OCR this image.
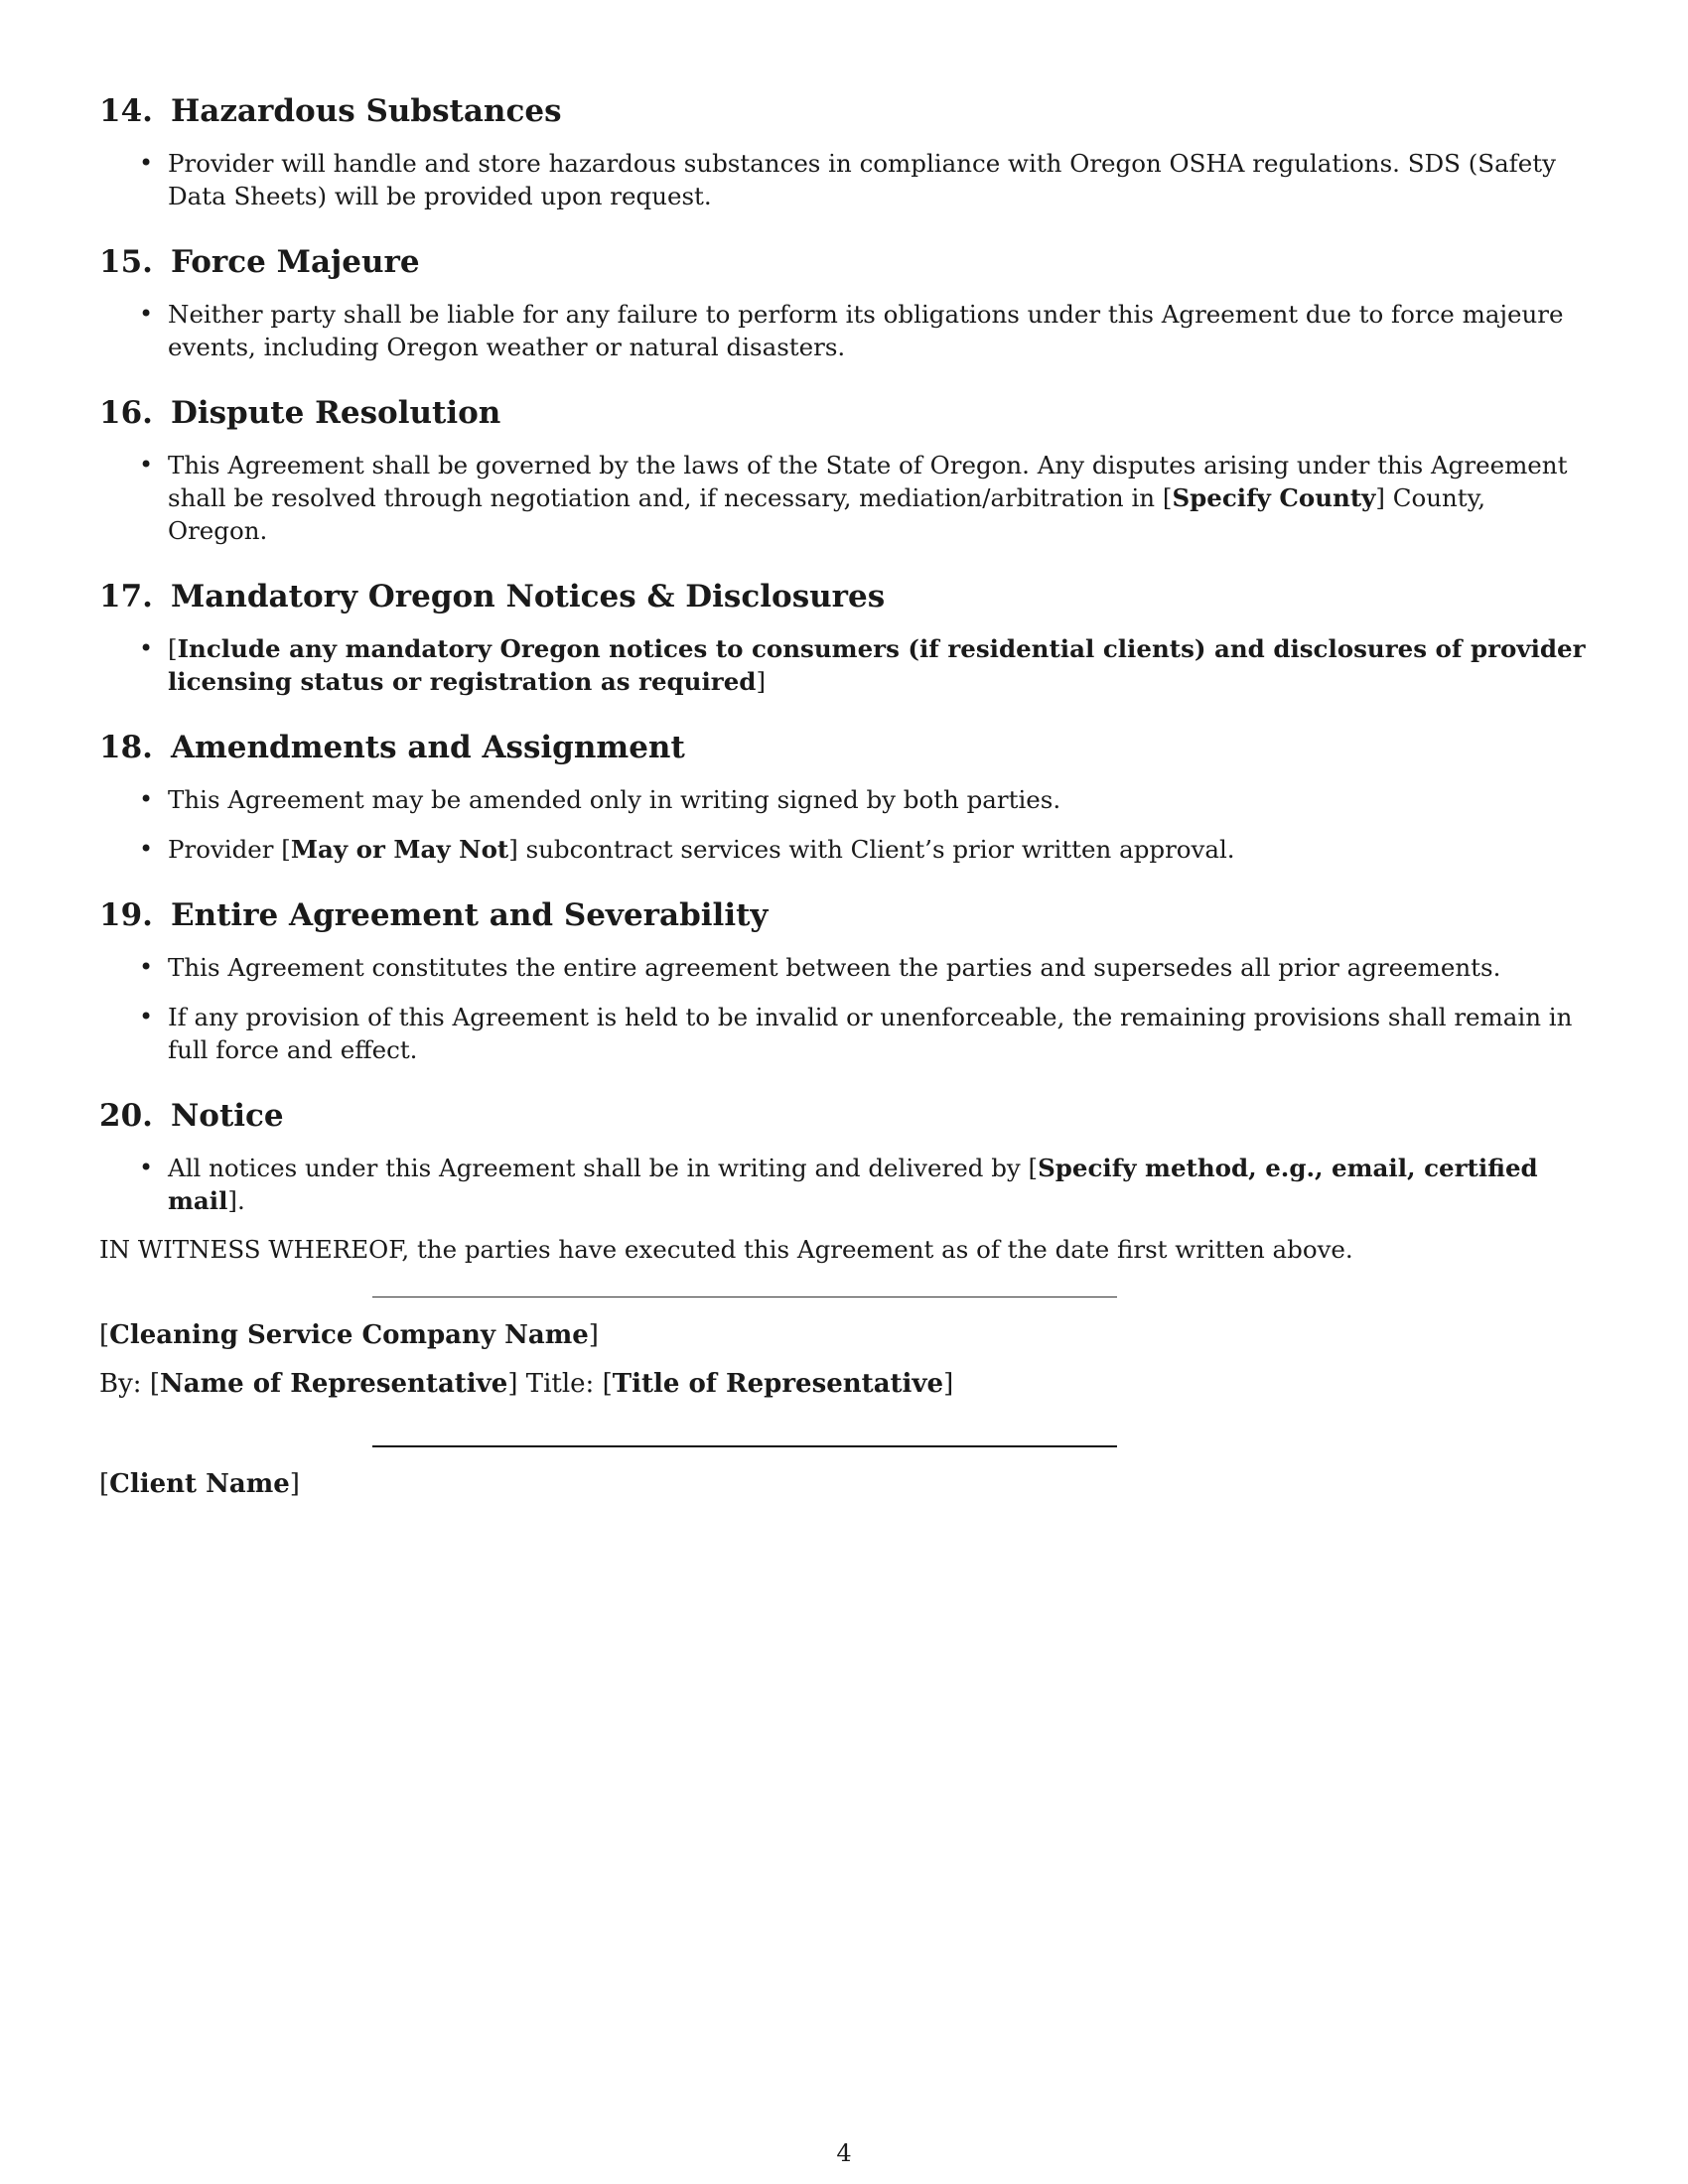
14. Hazardous Substances
• Provider will handle and store hazardous substances in compliance with Oregon OSHA regulations. SDS (Safety Data Sheets) will be provided upon request.
15. Force Majeure
• Neither party shall be liable for any failure to perform its obligations under this Agreement due to force majeure events, including Oregon weather or natural disasters.
16. Dispute Resolution
• This Agreement shall be governed by the laws of the State of Oregon. Any disputes arising under this Agreement shall be resolved through negotiation and, if necessary, mediation/arbitration in [Specify County] County, Oregon.
17. Mandatory Oregon Notices & Disclosures
• [Include any mandatory Oregon notices to consumers (if residential clients) and disclosures of provider licensing status or registration as required]
18. Amendments and Assignment
• This Agreement may be amended only in writing signed by both parties.
• Provider [May or May Not] subcontract services with Client’s prior written approval.
19. Entire Agreement and Severability
• This Agreement constitutes the entire agreement between the parties and supersedes all prior agreements.
• If any provision of this Agreement is held to be invalid or unenforceable, the remaining provisions shall remain in full force and effect.
20. Notice
• All notices under this Agreement shall be in writing and delivered by [Specify method, e.g., email, certified mail].

IN WITNESS WHEREOF, the parties have executed this Agreement as of the date first written above.

[Cleaning Service Company Name]
By: [Name of Representative] Title: [Title of Representative]
[Client Name]
4
